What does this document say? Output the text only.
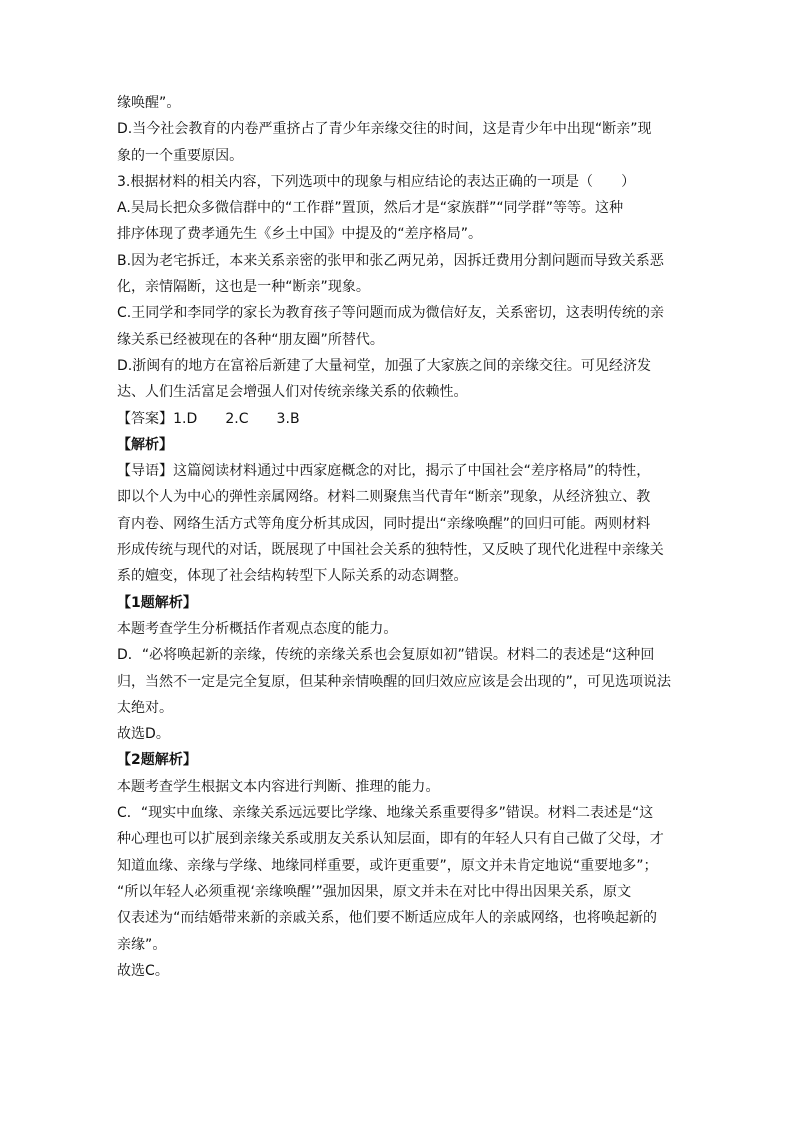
缘唤醒”。
D.当今社会教育的内卷严重挤占了青少年亲缘交往的时间，这是青少年中出现“断亲”现
象的一个重要原因。
3.根据材料的相关内容，下列选项中的现象与相应结论的表达正确的一项是（　　）
A.吴局长把众多微信群中的“工作群”置顶，然后才是“家族群”“同学群”等等。这种
排序体现了费孝通先生《乡土中国》中提及的“差序格局”。
B.因为老宅拆迁，本来关系亲密的张甲和张乙两兄弟，因拆迁费用分割问题而导致关系恶
化，亲情隔断，这也是一种“断亲”现象。
C.王同学和李同学的家长为教育孩子等问题而成为微信好友，关系密切，这表明传统的亲
缘关系已经被现在的各种“朋友圈”所替代。
D.浙闽有的地方在富裕后新建了大量祠堂，加强了大家族之间的亲缘交往。可见经济发
达、人们生活富足会增强人们对传统亲缘关系的依赖性。
【答案】1.D　　2.C　　3.B
【解析】
【导语】这篇阅读材料通过中西家庭概念的对比，揭示了中国社会“差序格局”的特性，
即以个人为中心的弹性亲属网络。材料二则聚焦当代青年“断亲”现象，从经济独立、教
育内卷、网络生活方式等角度分析其成因，同时提出“亲缘唤醒”的回归可能。两则材料
形成传统与现代的对话，既展现了中国社会关系的独特性，又反映了现代化进程中亲缘关
系的嬗变，体现了社会结构转型下人际关系的动态调整。
【1题解析】
本题考查学生分析概括作者观点态度的能力。
D．“必将唤起新的亲缘，传统的亲缘关系也会复原如初”错误。材料二的表述是“这种回
归，当然不一定是完全复原，但某种亲情唤醒的回归效应应该是会出现的”，可见选项说法
太绝对。
故选D。
【2题解析】
本题考查学生根据文本内容进行判断、推理的能力。
C．“现实中血缘、亲缘关系远远要比学缘、地缘关系重要得多”错误。材料二表述是“这
种心理也可以扩展到亲缘关系或朋友关系认知层面，即有的年轻人只有自己做了父母，才
知道血缘、亲缘与学缘、地缘同样重要，或许更重要”，原文并未肯定地说“重要地多”；
“所以年轻人必须重视‘亲缘唤醒’”强加因果，原文并未在对比中得出因果关系，原文
仅表述为“而结婚带来新的亲戚关系，他们要不断适应成年人的亲戚网络，也将唤起新的
亲缘”。
故选C。
